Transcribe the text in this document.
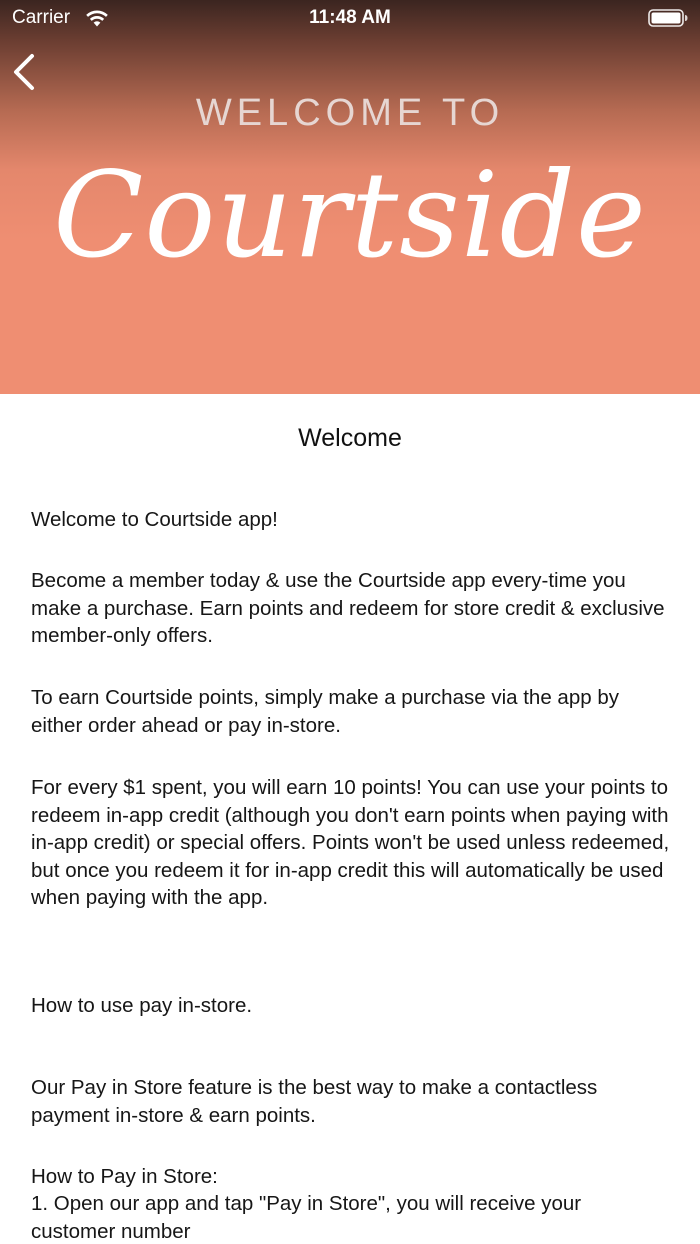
Carrier	11:48 AM
WELCOME TO
Courtside
Welcome

Welcome to Courtside app!

Become a member today & use the Courtside app every-time you make a purchase. Earn points and redeem for store credit & exclusive member-only offers.

To earn Courtside points, simply make a purchase via the app by either order ahead or pay in-store.

For every $1 spent, you will earn 10 points! You can use your points to redeem in-app credit (although you don't earn points when paying with in-app credit) or special offers. Points won't be used unless redeemed, but once you redeem it for in-app credit this will automatically be used when paying with the app.

How to use pay in-store.

Our Pay in Store feature is the best way to make a contactless payment in-store & earn points.

How to Pay in Store:

1. Open our app and tap "Pay in Store", you will receive your customer number
